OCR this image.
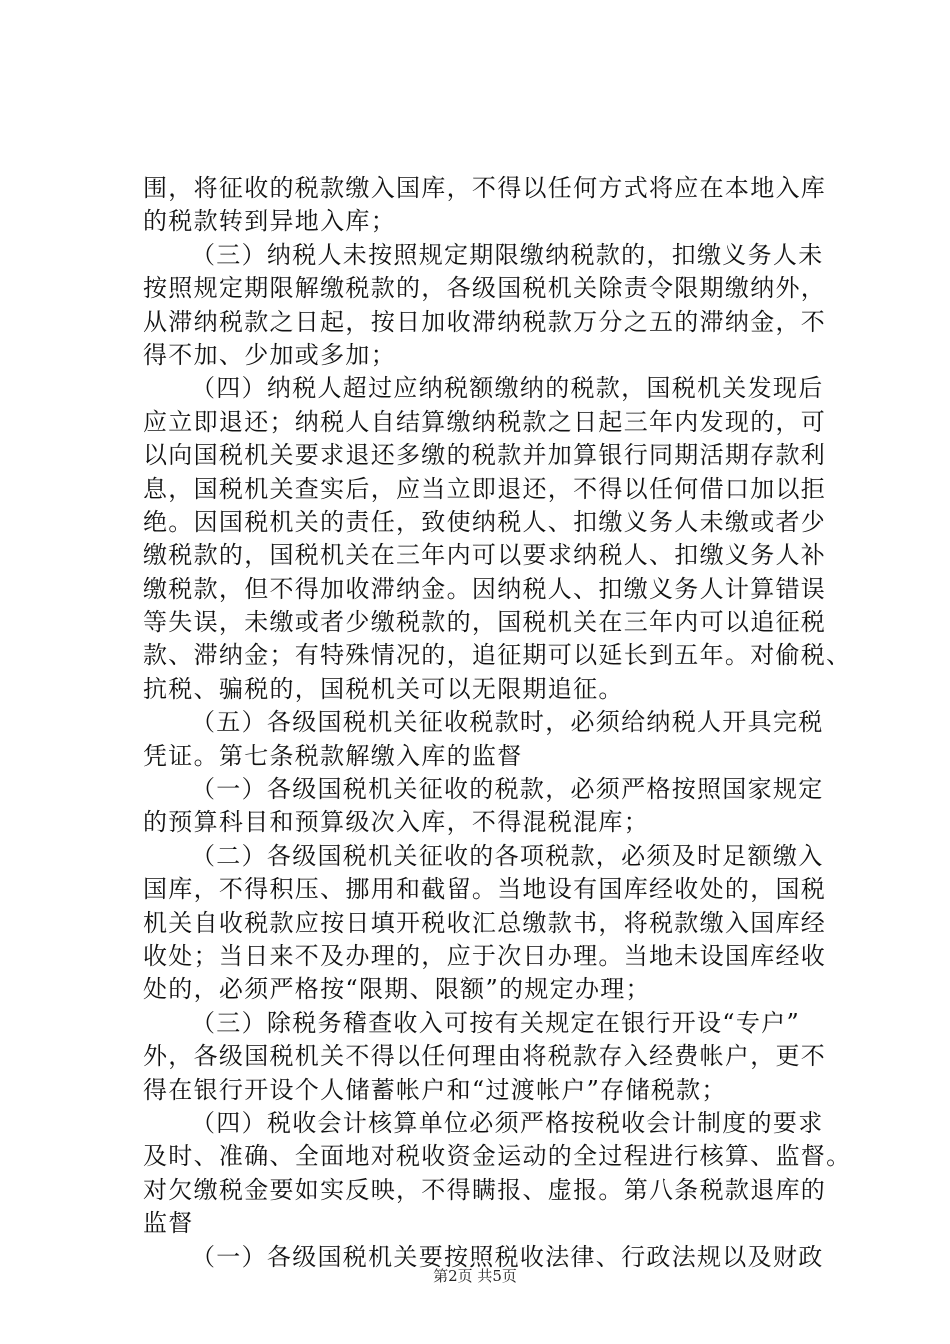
围，将征收的税款缴入国库，不得以任何方式将应在本地入库
的税款转到异地入库；
（三）纳税人未按照规定期限缴纳税款的，扣缴义务人未
按照规定期限解缴税款的，各级国税机关除责令限期缴纳外，
从滞纳税款之日起，按日加收滞纳税款万分之五的滞纳金，不
得不加、少加或多加；
（四）纳税人超过应纳税额缴纳的税款，国税机关发现后
应立即退还；纳税人自结算缴纳税款之日起三年内发现的，可
以向国税机关要求退还多缴的税款并加算银行同期活期存款利
息，国税机关查实后，应当立即退还，不得以任何借口加以拒
绝。因国税机关的责任，致使纳税人、扣缴义务人未缴或者少
缴税款的，国税机关在三年内可以要求纳税人、扣缴义务人补
缴税款，但不得加收滞纳金。因纳税人、扣缴义务人计算错误
等失误，未缴或者少缴税款的，国税机关在三年内可以追征税
款、滞纳金；有特殊情况的，追征期可以延长到五年。对偷税、
抗税、骗税的，国税机关可以无限期追征。
（五）各级国税机关征收税款时，必须给纳税人开具完税
凭证。第七条税款解缴入库的监督
（一）各级国税机关征收的税款，必须严格按照国家规定
的预算科目和预算级次入库，不得混税混库；
（二）各级国税机关征收的各项税款，必须及时足额缴入
国库，不得积压、挪用和截留。当地设有国库经收处的，国税
机关自收税款应按日填开税收汇总缴款书，将税款缴入国库经
收处；当日来不及办理的，应于次日办理。当地未设国库经收
处的，必须严格按“限期、限额”的规定办理；
（三）除税务稽查收入可按有关规定在银行开设“专户”
外，各级国税机关不得以任何理由将税款存入经费帐户，更不
得在银行开设个人储蓄帐户和“过渡帐户”存储税款；
（四）税收会计核算单位必须严格按税收会计制度的要求
及时、准确、全面地对税收资金运动的全过程进行核算、监督。
对欠缴税金要如实反映，不得瞒报、虚报。第八条税款退库的
监督
（一）各级国税机关要按照税收法律、行政法规以及财政
第2页 共5页
